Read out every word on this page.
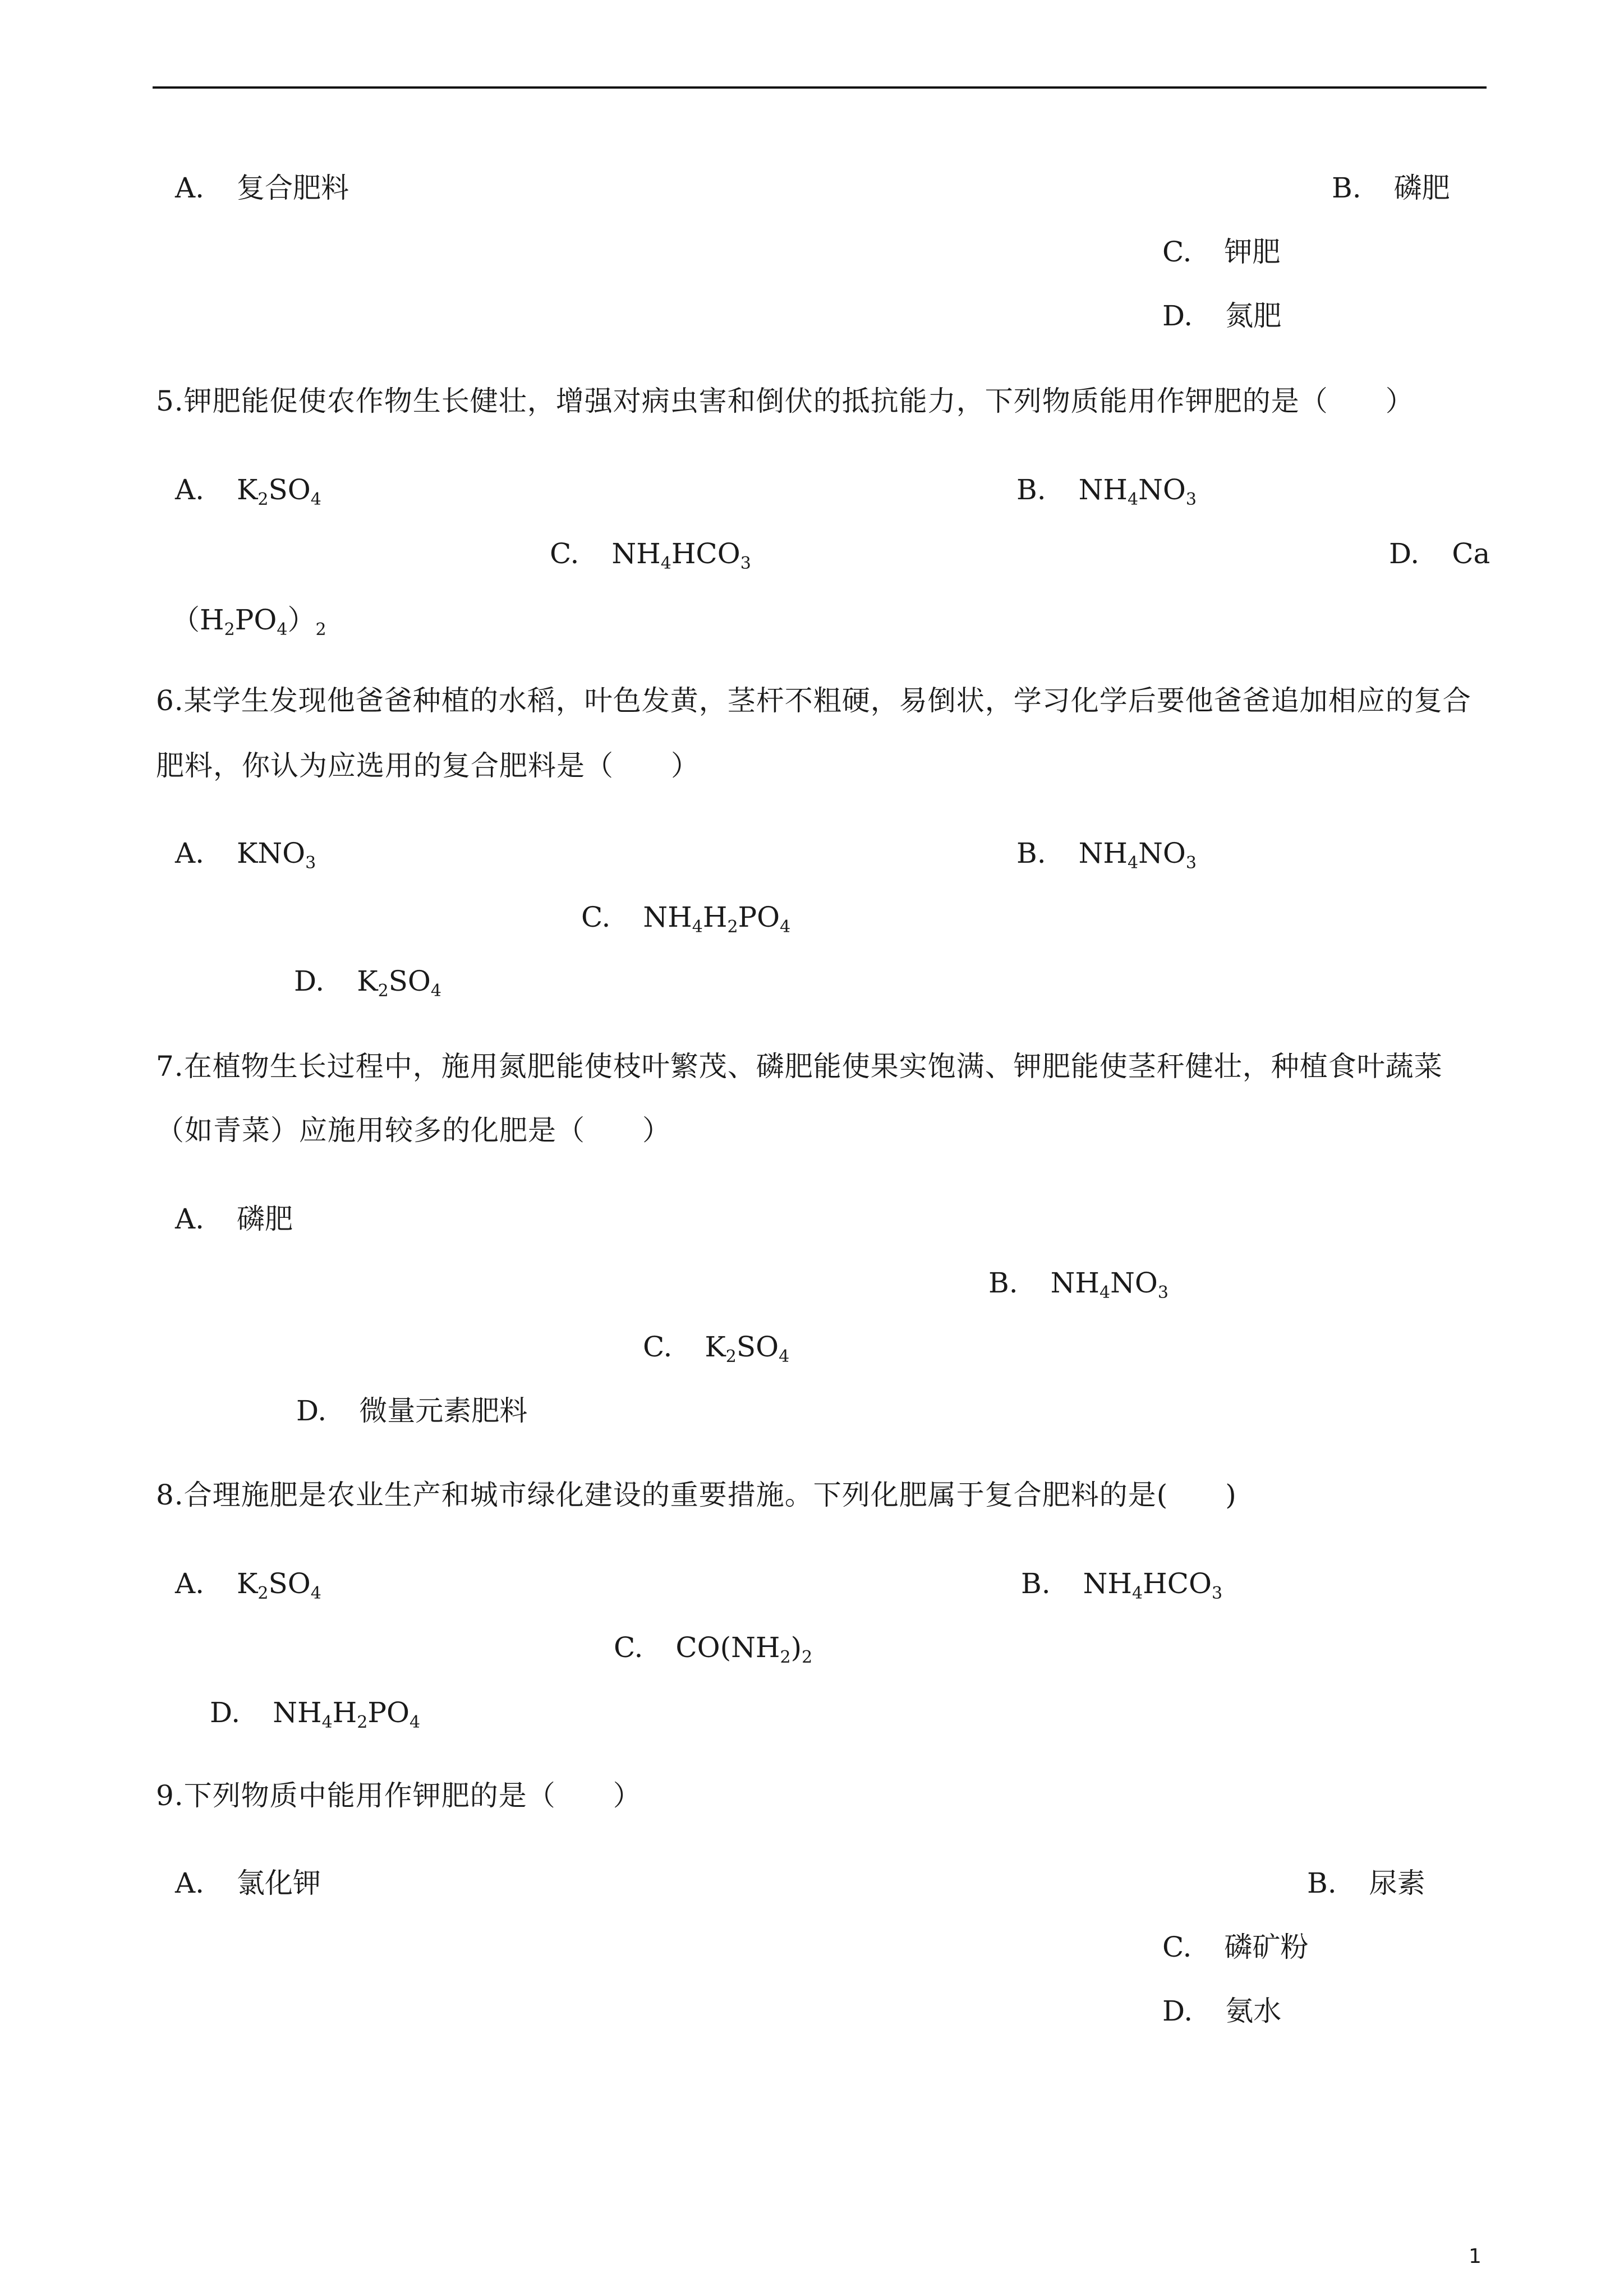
A. 复合肥料	B. 磷肥
C. 钾肥
D. 氮肥
5.钾肥能促使农作物生长健壮，增强对病虫害和倒伏的抵抗能力，下列物质能用作钾肥的是（　　）
A. $K_2SO_4$	B. $NH_4NO_3$
C. $NH_4HCO_3$	D. Ca
$(H_2PO_4)_2$
6.某学生发现他爸爸种植的水稻，叶色发黄，茎杆不粗硬，易倒状，学习化学后要他爸爸追加相应的复合
肥料，你认为应选用的复合肥料是（　　）
A. $KNO_3$	B. $NH_4NO_3$
C. $NH_4H_2PO_4$
D. $K_2SO_4$
7.在植物生长过程中，施用氮肥能使枝叶繁茂、磷肥能使果实饱满、钾肥能使茎秆健壮，种植食叶蔬菜
（如青菜）应施用较多的化肥是（　　）
A. 磷肥
B. $NH_4NO_3$
C. $K_2SO_4$
D. 微量元素肥料
8.合理施肥是农业生产和城市绿化建设的重要措施。下列化肥属于复合肥料的是(　　)
A. $K_2SO_4$	B. $NH_4HCO_3$
C. $CO(NH_2)_2$
D. $NH_4H_2PO_4$
9.下列物质中能用作钾肥的是（　　）
A. 氯化钾	B. 尿素
C. 磷矿粉
D. 氨水
1
